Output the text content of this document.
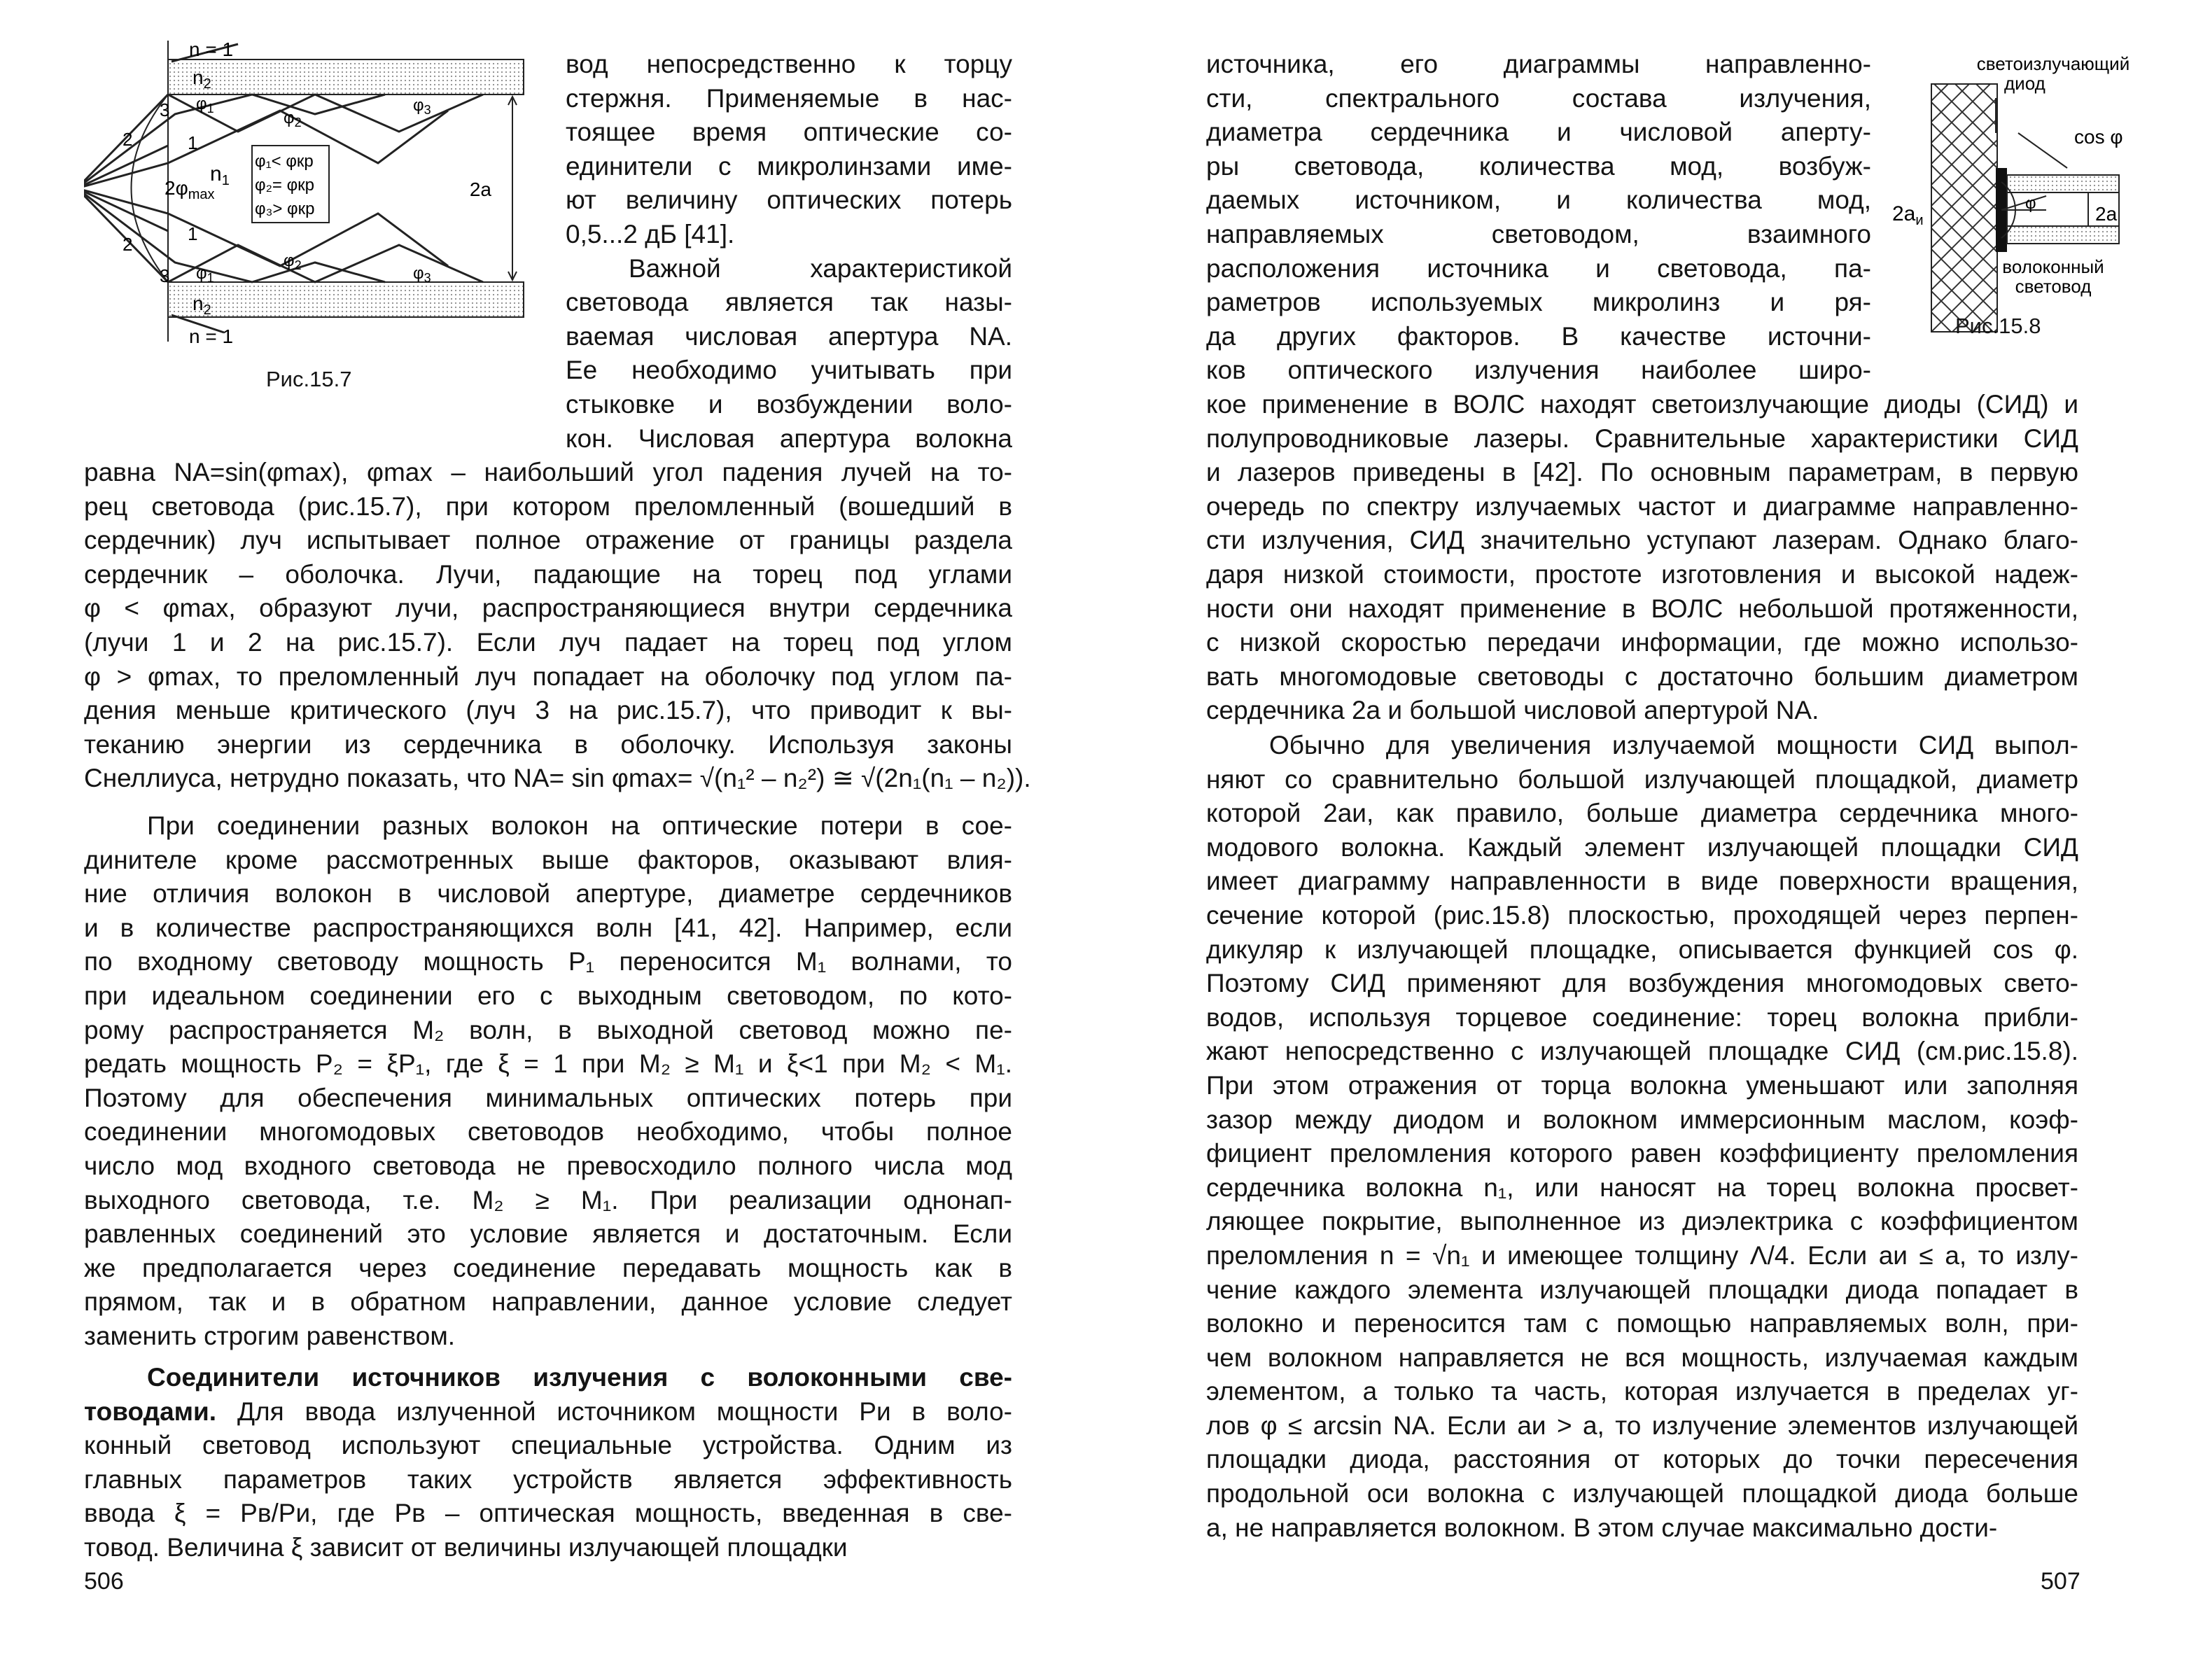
φ₁< φкр
φ₂= φкр
φ₃> φкр
n = 1
n = 1
$n_2$
$n_2$
$n_1$	2a
$2\varphi_{max}$
1
1
2
2
3
3
$\varphi_1$	$\varphi_2$
$\varphi_3$
$\varphi_1$
$\varphi_2$	$\varphi_3$
Рис.15.7
вод непосредственно к торцу
стержня. Применяемые в нас-
тоящее время оптические со-
единители с микролинзами име-
ют величину оптических потерь
0,5...2 дБ [41].
Важной характеристикой
световода является так назы-
ваемая числовая апертура NA.
Ее необходимо учитывать при
стыковке и возбуждении воло-
кон. Числовая апертура волокна
равна NA=sin(φmax), φmax – наибольший угол падения лучей на то-
рец световода (рис.15.7), при котором преломленный (вошедший в
сердечник) луч испытывает полное отражение от границы раздела
сердечник – оболочка. Лучи, падающие на торец под углами
φ < φmax, образуют лучи, распространяющиеся внутри сердечника
(лучи 1 и 2 на рис.15.7). Если луч падает на торец под углом
φ > φmax, то преломленный луч попадает на оболочку под углом па-
дения меньше критического (луч 3 на рис.15.7), что приводит к вы-
теканию энергии из сердечника в оболочку. Используя законы
Снеллиуса, нетрудно показать, что NA= sin φmax= √(n₁² – n₂²) ≅ √(2n₁(n₁ – n₂)).
При соединении разных волокон на оптические потери в сое-
динителе кроме рассмотренных выше факторов, оказывают влия-
ние отличия волокон в числовой апертуре, диаметре сердечников
и в количестве распространяющихся волн [41, 42]. Например, если
по входному световоду мощность P₁ переносится M₁ волнами, то
при идеальном соединении его с выходным световодом, по кото-
рому распространяется M₂ волн, в выходной световод можно пе-
редать мощность P₂ = ξP₁, где ξ = 1 при M₂ ≥ M₁ и ξ<1 при M₂ < M₁.
Поэтому для обеспечения минимальных оптических потерь при
соединении многомодовых световодов необходимо, чтобы полное
число мод входного световода не превосходило полного числа мод
выходного световода, т.е. M₂ ≥ M₁. При реализации однонап-
равленных соединений это условие является и достаточным. Если
же предполагается через соединение передавать мощность как в
прямом, так и в обратном направлении, данное условие следует
заменить строгим равенством.
Соединители источников излучения с волоконными све-
товодами. Для ввода излученной источником мощности Pи в воло-
конный световод используют специальные устройства. Одним из
главных параметров таких устройств является эффективность
ввода ξ = Pв/Pи, где Pв – оптическая мощность, введенная в све-
товод. Величина ξ зависит от величины излучающей площадки
506
источника, его диаграммы направленно-
сти, спектрального состава излучения,
диаметра сердечника и числовой аперту-
ры световода, количества мод, возбуж-
даемых источником, и количества мод,
направляемых световодом, взаимного
расположения источника и световода, па-
раметров используемых микролинз и ря-
да других факторов. В качестве источни-
ков оптического излучения наиболее широ-
светоизлучающий
диод
cos φ
$2a_и$	2a
φ
волоконный
световод
Рис.15.8
кое применение в ВОЛС находят светоизлучающие диоды (СИД) и
полупроводниковые лазеры. Сравнительные характеристики СИД
и лазеров приведены в [42]. По основным параметрам, в первую
очередь по спектру излучаемых частот и диаграмме направленно-
сти излучения, СИД значительно уступают лазерам. Однако благо-
даря низкой стоимости, простоте изготовления и высокой надеж-
ности они находят применение в ВОЛС небольшой протяженности,
с низкой скоростью передачи информации, где можно использо-
вать многомодовые световоды с достаточно большим диаметром
сердечника 2a и большой числовой апертурой NA.
Обычно для увеличения излучаемой мощности СИД выпол-
няют со сравнительно большой излучающей площадкой, диаметр
которой 2aи, как правило, больше диаметра сердечника много-
модового волокна. Каждый элемент излучающей площадки СИД
имеет диаграмму направленности в виде поверхности вращения,
сечение которой (рис.15.8) плоскостью, проходящей через перпен-
дикуляр к излучающей площадке, описывается функцией cos φ.
Поэтому СИД применяют для возбуждения многомодовых свето-
водов, используя торцевое соединение: торец волокна прибли-
жают непосредственно с излучающей площадке СИД (см.рис.15.8).
При этом отражения от торца волокна уменьшают или заполняя
зазор между диодом и волокном иммерсионным маслом, коэф-
фициент преломления которого равен коэффициенту преломления
сердечника волокна n₁, или наносят на торец волокна просвет-
ляющее покрытие, выполненное из диэлектрика с коэффициентом
преломления n = √n₁ и имеющее толщину Λ/4. Если aи ≤ a, то излу-
чение каждого элемента излучающей площадки диода попадает в
волокно и переносится там с помощью направляемых волн, при-
чем волокном направляется не вся мощность, излучаемая каждым
элементом, а только та часть, которая излучается в пределах уг-
лов φ ≤ arcsin NA. Если aи > a, то излучение элементов излучающей
площадки диода, расстояния от которых до точки пересечения
продольной оси волокна с излучающей площадкой диода больше
a, не направляется волокном. В этом случае максимально дости-
507
